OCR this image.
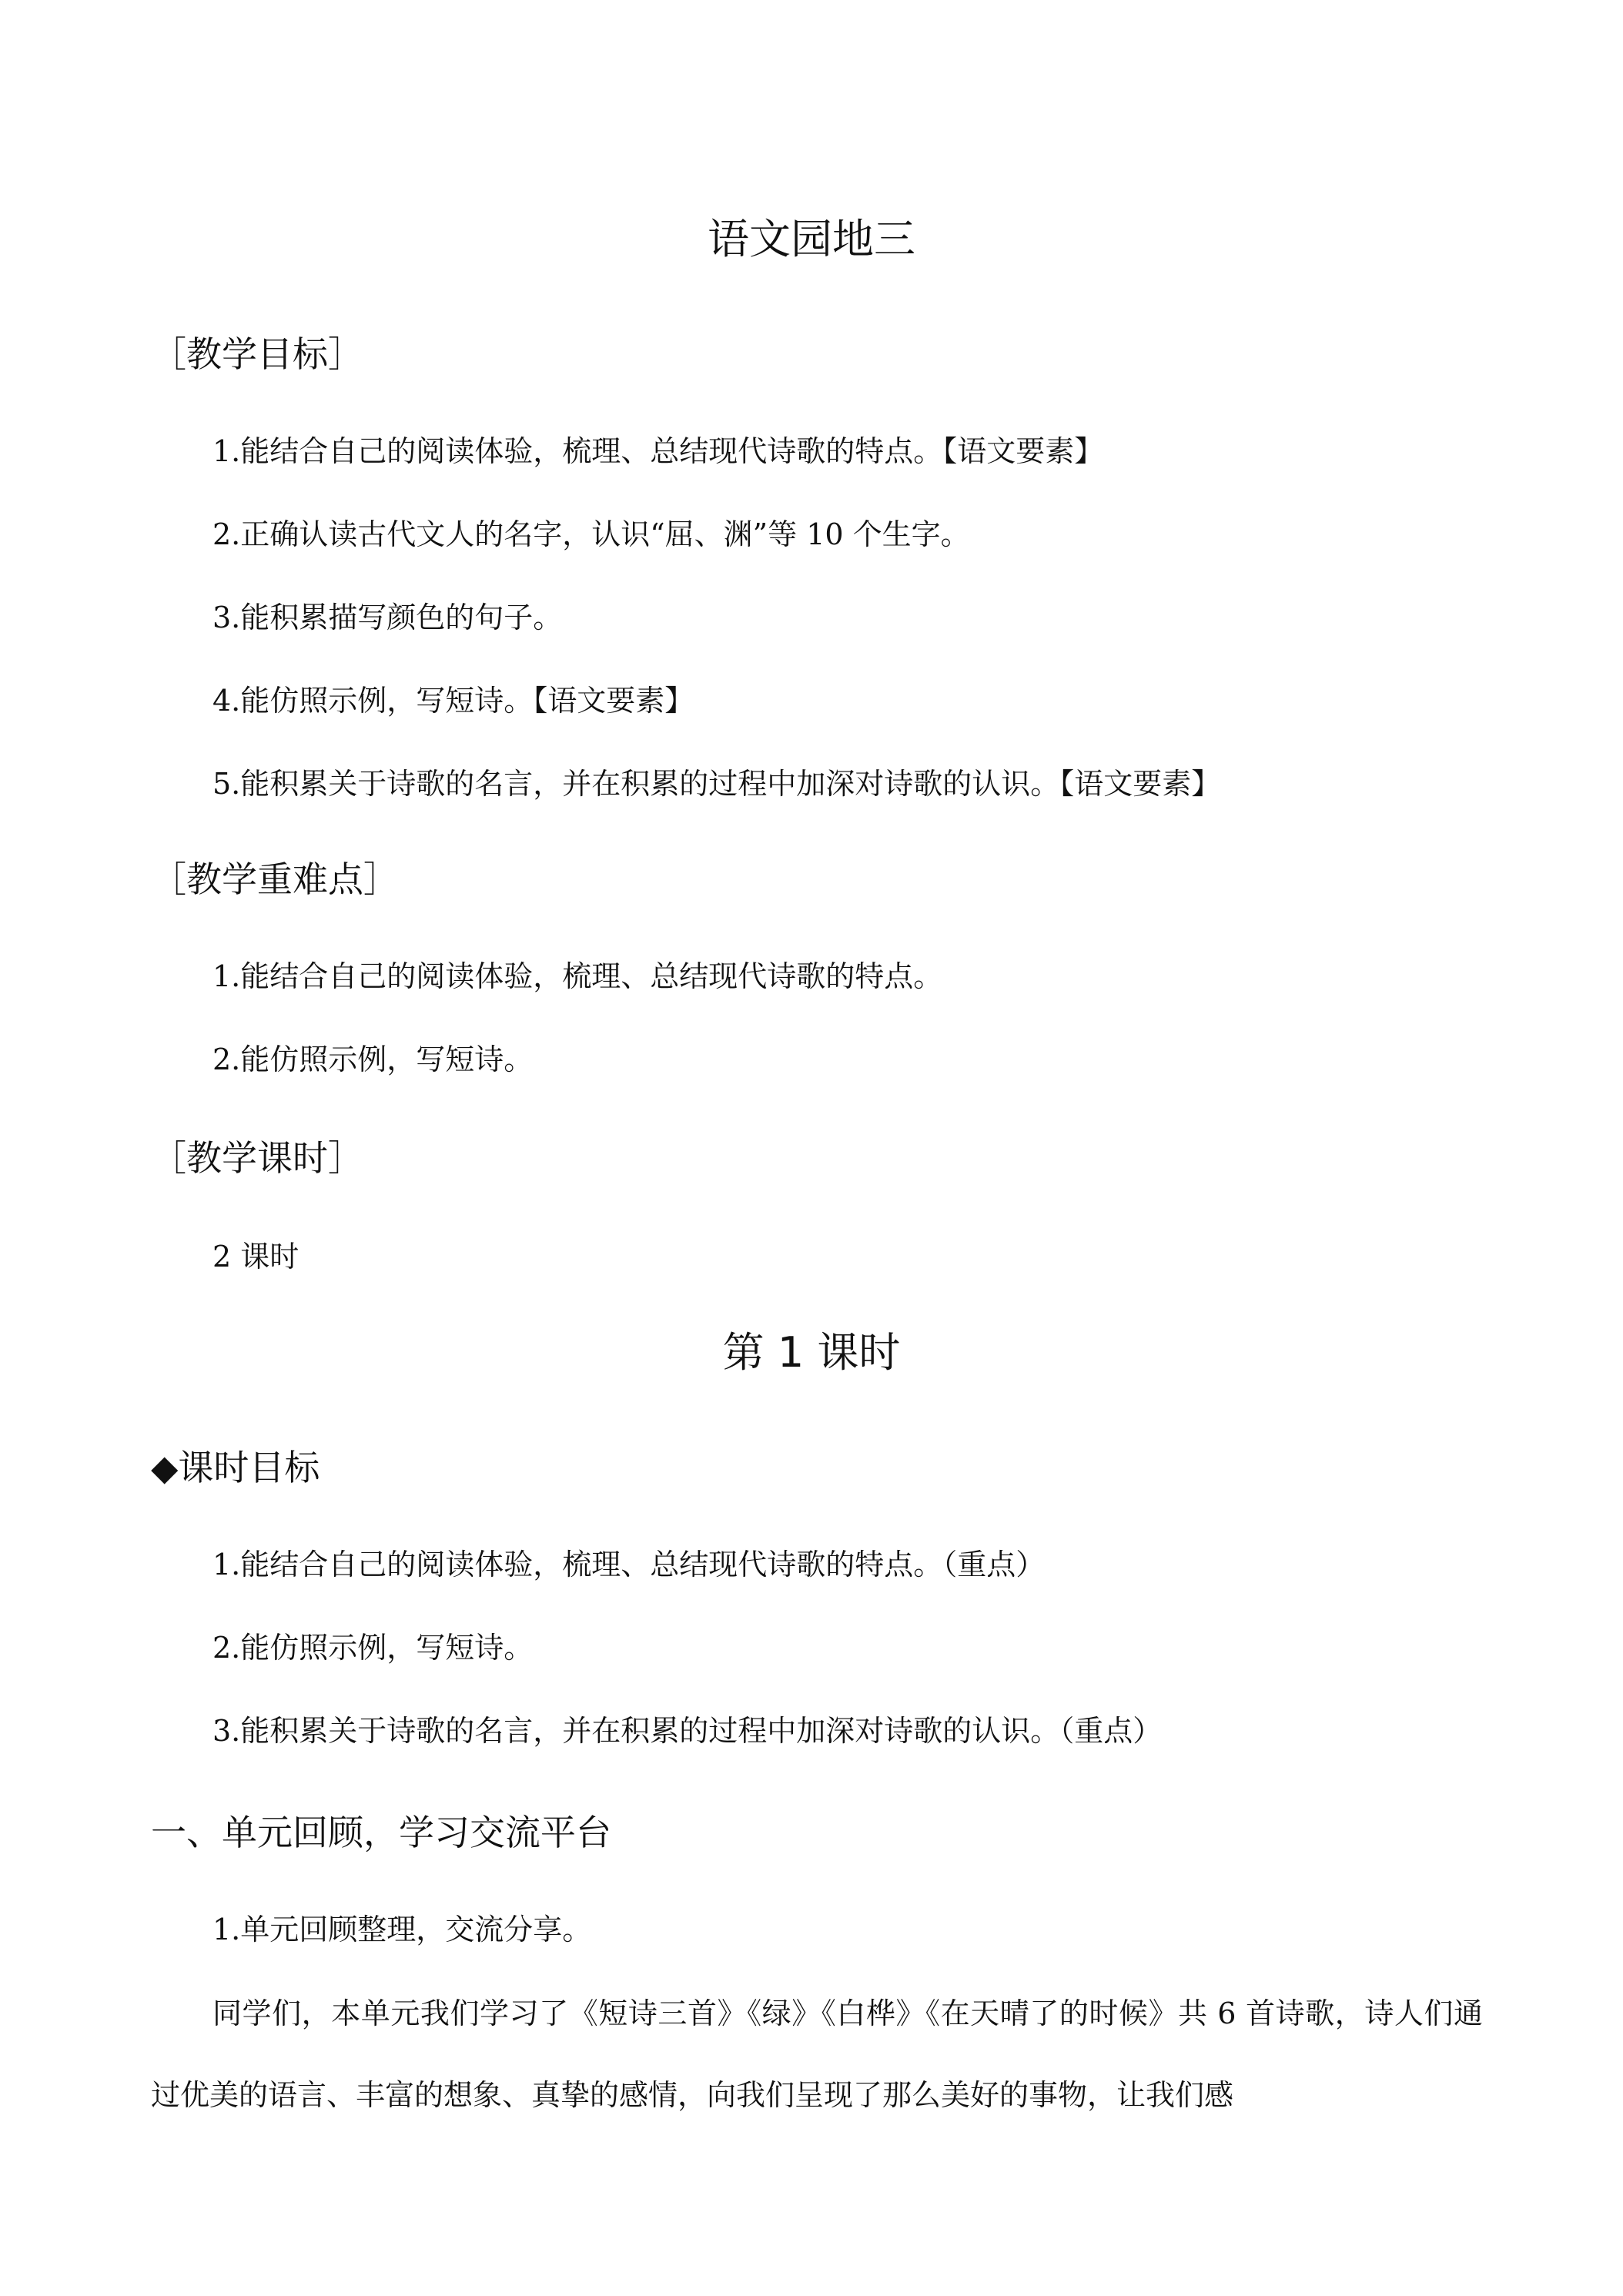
语文园地三
［教学目标］

1.能结合自己的阅读体验，梳理、总结现代诗歌的特点。【语文要素】

2.正确认读古代文人的名字，认识“屈、渊”等 10 个生字。

3.能积累描写颜色的句子。

4.能仿照示例，写短诗。【语文要素】

5.能积累关于诗歌的名言，并在积累的过程中加深对诗歌的认识。【语文要素】

［教学重难点］

1.能结合自己的阅读体验，梳理、总结现代诗歌的特点。

2.能仿照示例，写短诗。

［教学课时］

2 课时

第 1 课时
◆课时目标

1.能结合自己的阅读体验，梳理、总结现代诗歌的特点。（重点）

2.能仿照示例，写短诗。

3.能积累关于诗歌的名言，并在积累的过程中加深对诗歌的认识。（重点）

一、单元回顾，学习交流平台

1.单元回顾整理，交流分享。

同学们，本单元我们学习了《短诗三首》《绿》《白桦》《在天晴了的时候》共 6 首诗歌，诗人们通过优美的语言、丰富的想象、真挚的感情，向我们呈现了那么美好的事物，让我们感
